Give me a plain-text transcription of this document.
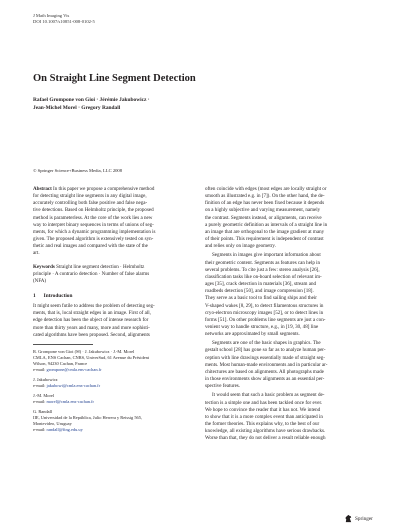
J Math Imaging Vis
DOI 10.1007/s10851-008-0102-5
On Straight Line Segment Detection
Rafael Grompone von Gioi · Jérémie Jakubowicz ·
Jean-Michel Morel · Gregory Randall
© Springer Science+Business Media, LLC 2008
Abstract In this paper we propose a comprehensive method
for detecting straight line segments in any digital image,
accurately controlling both false positive and false nega-
tive detections. Based on Helmholtz principle, the proposed
method is parameterless. At the core of the work lies a new
way to interpret binary sequences in terms of unions of seg-
ments, for which a dynamic programming implementation is
given. The proposed algorithm is extensively tested on syn-
thetic and real images and compared with the state of the
art.
Keywords Straight line segment detection · Helmholtz
principle · A contrario detection · Number of false alarms
(NFA)
1 Introduction
It might seem futile to address the problem of detecting seg-
ments, that is, local straight edges in an image. First of all,
edge detection has been the object of intense research for
more than thirty years and many, more and more sophisti-
cated algorithms have been proposed. Second, alignments
R. Grompone von Gioi (✉) · J. Jakubowicz · J.-M. Morel
CMLA, ENS Cachan, CNRS, UniverSud, 61 Avenue du Président
Wilson, 94230 Cachan, France
e-mail: grompone@cmla.ens-cachan.fr
J. Jakubowicz
e-mail: jakubowi@cmla.ens-cachan.fr
J.-M. Morel
e-mail: morel@cmla.ens-cachan.fr
G. Randall
IIE, Universidad de la República, Julio Herrera y Reissig 565,
Montevideo, Uruguay
e-mail: randall@fing.edu.uy
often coincide with edges (most edges are locally straight or
smooth as illustrated e.g. in [7]). On the other hand, the de-
finition of an edge has never been fixed because it depends
on a highly subjective and varying measurement, namely
the contrast. Segments instead, or alignments, can receive
a purely geometric definition as intervals of a straight line in
an image that are orthogonal to the image gradient at many
of their points. This requirement is independent of contrast
and relies only on image geometry.
Segments in images give important information about
their geometric content. Segments as features can help in
several problems. To cite just a few: stereo analysis [26],
classification tasks like on-board selection of relevant im-
ages [35], crack detection in materials [36], stream and
roadbeds detection [50], and image compression [18].
They serve as a basic tool to find sailing ships and their
V-shaped wakes [8, 29], to detect filamentous structures in
cryo-electron microscopy images [52], or to detect lines in
forms [51]. On other problems line segments are just a con-
venient way to handle structure, e.g., in [19, 30, 48] line
networks are approximated by small segments.
Segments are one of the basic shapes in graphics. The
gestalt school [28] has gone so far as to analyze human per-
ception with line drawings essentially made of straight seg-
ments. Most human-made environments and in particular ar-
chitectures are based on alignments. All photographs made
in those environments show alignments as an essential per-
spective features.
It would seem that such a basic problem as segment de-
tection is a simple one and has been tackled once for ever.
We hope to convince the reader that it has not. We intend
to show that it is a more complex event than anticipated in
the former theories. This explains why, to the best of our
knowledge, all existing algorithms have serious drawbacks.
Worse than that, they do not deliver a result reliable enough
Springer
